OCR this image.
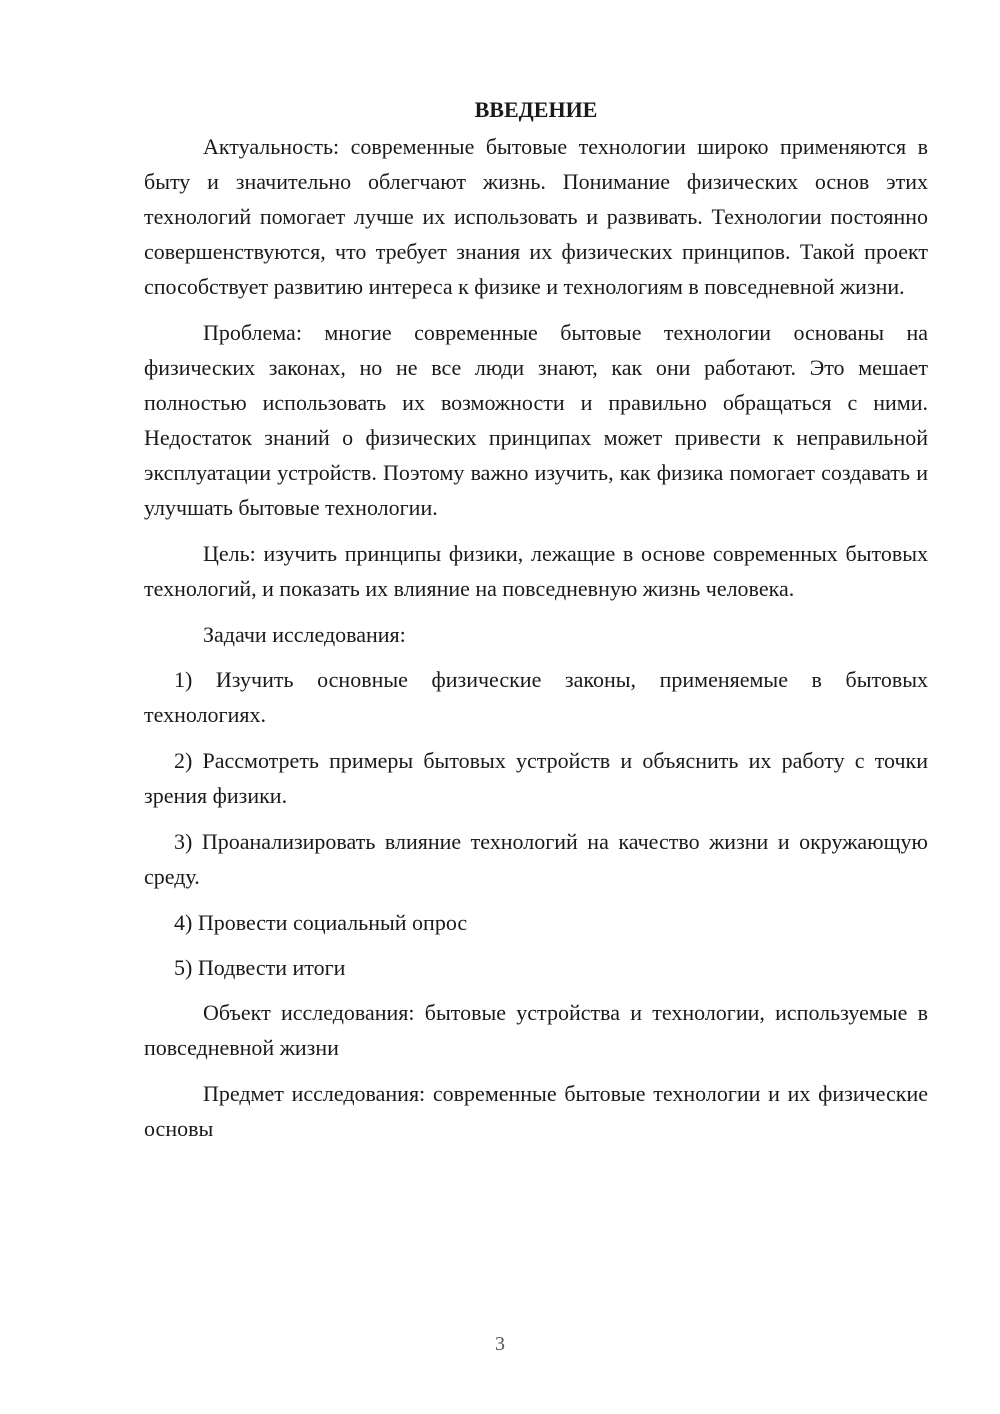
ВВЕДЕНИЕ

Актуальность: современные бытовые технологии широко применяются в быту и значительно облегчают жизнь. Понимание физических основ этих технологий помогает лучше их использовать и развивать. Технологии постоянно совершенствуются, что требует знания их физических принципов. Такой проект способствует развитию интереса к физике и технологиям в повседневной жизни.

Проблема: многие современные бытовые технологии основаны на физических законах, но не все люди знают, как они работают. Это мешает полностью использовать их возможности и правильно обращаться с ними. Недостаток знаний о физических принципах может привести к неправильной эксплуатации устройств. Поэтому важно изучить, как физика помогает создавать и улучшать бытовые технологии.

Цель: изучить принципы физики, лежащие в основе современных бытовых технологий, и показать их влияние на повседневную жизнь человека.

Задачи исследования:

1) Изучить основные физические законы, применяемые в бытовых технологиях.

2) Рассмотреть примеры бытовых устройств и объяснить их работу с точки зрения физики.

3) Проанализировать влияние технологий на качество жизни и окружающую среду.

4) Провести социальный опрос

5) Подвести итоги

Объект исследования: бытовые устройства и технологии, используемые в повседневной жизни

Предмет исследования: современные бытовые технологии и их физические основы

3
